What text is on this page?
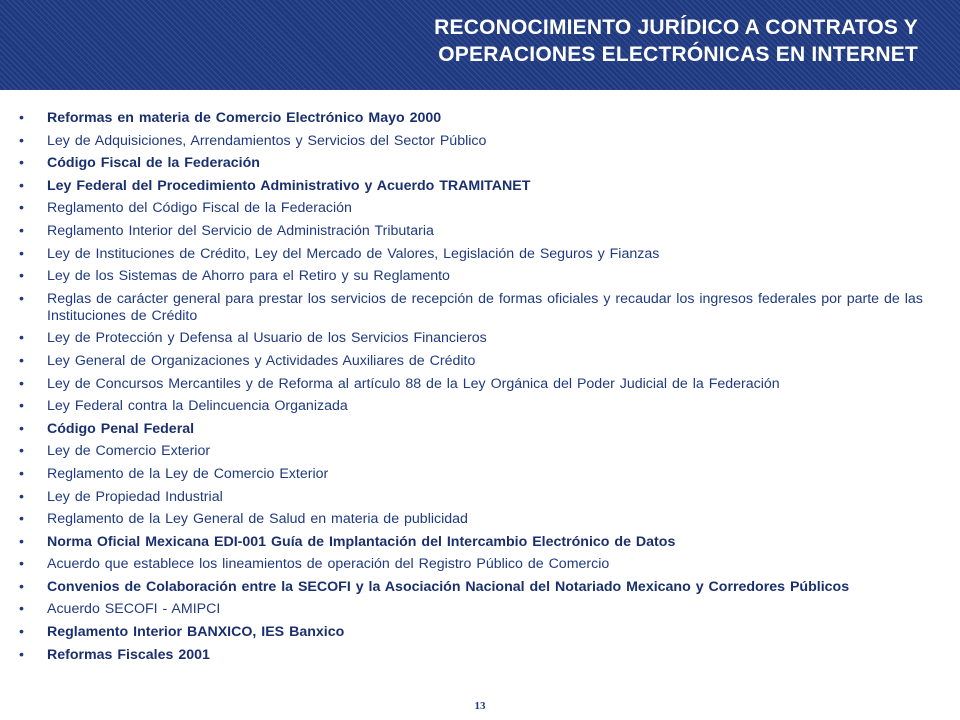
RECONOCIMIENTO JURÍDICO A CONTRATOS Y
OPERACIONES ELECTRÓNICAS EN INTERNET
• Reformas en materia de Comercio Electrónico Mayo 2000
• Ley de Adquisiciones, Arrendamientos y Servicios del Sector Público
• Código Fiscal de la Federación
• Ley Federal del Procedimiento Administrativo y Acuerdo TRAMITANET
• Reglamento del Código Fiscal de la Federación
• Reglamento Interior del Servicio de Administración Tributaria
• Ley de Instituciones de Crédito, Ley del Mercado de Valores, Legislación de Seguros y Fianzas
• Ley de los Sistemas de Ahorro para el Retiro y su Reglamento
• Reglas de carácter general para prestar los servicios de recepción de formas oficiales y recaudar los ingresos federales por parte de las Instituciones de Crédito
• Ley de Protección y Defensa al Usuario de los Servicios Financieros
• Ley General de Organizaciones y Actividades Auxiliares de Crédito
• Ley de Concursos Mercantiles y de Reforma al artículo 88 de la Ley Orgánica del Poder Judicial de la Federación
• Ley Federal contra la Delincuencia Organizada
• Código Penal Federal
• Ley de Comercio Exterior
• Reglamento de la Ley de Comercio Exterior
• Ley de Propiedad Industrial
• Reglamento de la Ley General de Salud en materia de publicidad
• Norma Oficial Mexicana EDI-001 Guía de Implantación del Intercambio Electrónico de Datos
• Acuerdo que establece los lineamientos de operación del Registro Público de Comercio
• Convenios de Colaboración entre la SECOFI y la Asociación Nacional del Notariado Mexicano y Corredores Públicos
• Acuerdo SECOFI - AMIPCI
• Reglamento Interior BANXICO, IES Banxico
• Reformas Fiscales 2001
13
